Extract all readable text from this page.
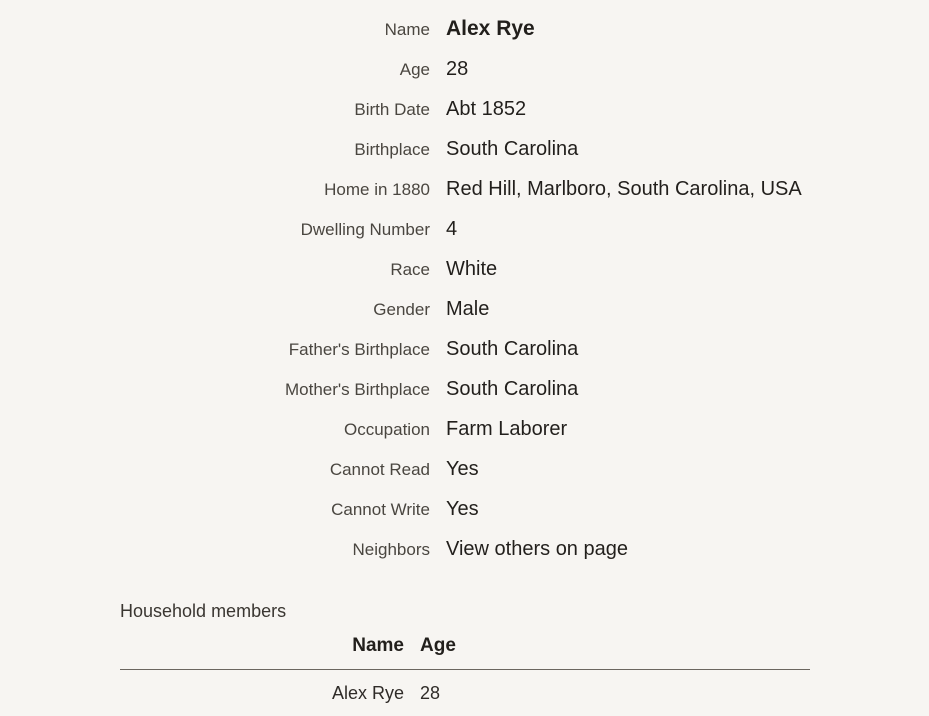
Name	Alex Rye
Age	28
Birth Date	Abt 1852
Birthplace	South Carolina
Home in 1880	Red Hill, Marlboro, South Carolina, USA
Dwelling Number	4
Race	White
Gender	Male
Father's Birthplace	South Carolina
Mother's Birthplace	South Carolina
Occupation	Farm Laborer
Cannot Read	Yes
Cannot Write	Yes
Neighbors	View others on page
Household members
Name	Age
Alex Rye	28
